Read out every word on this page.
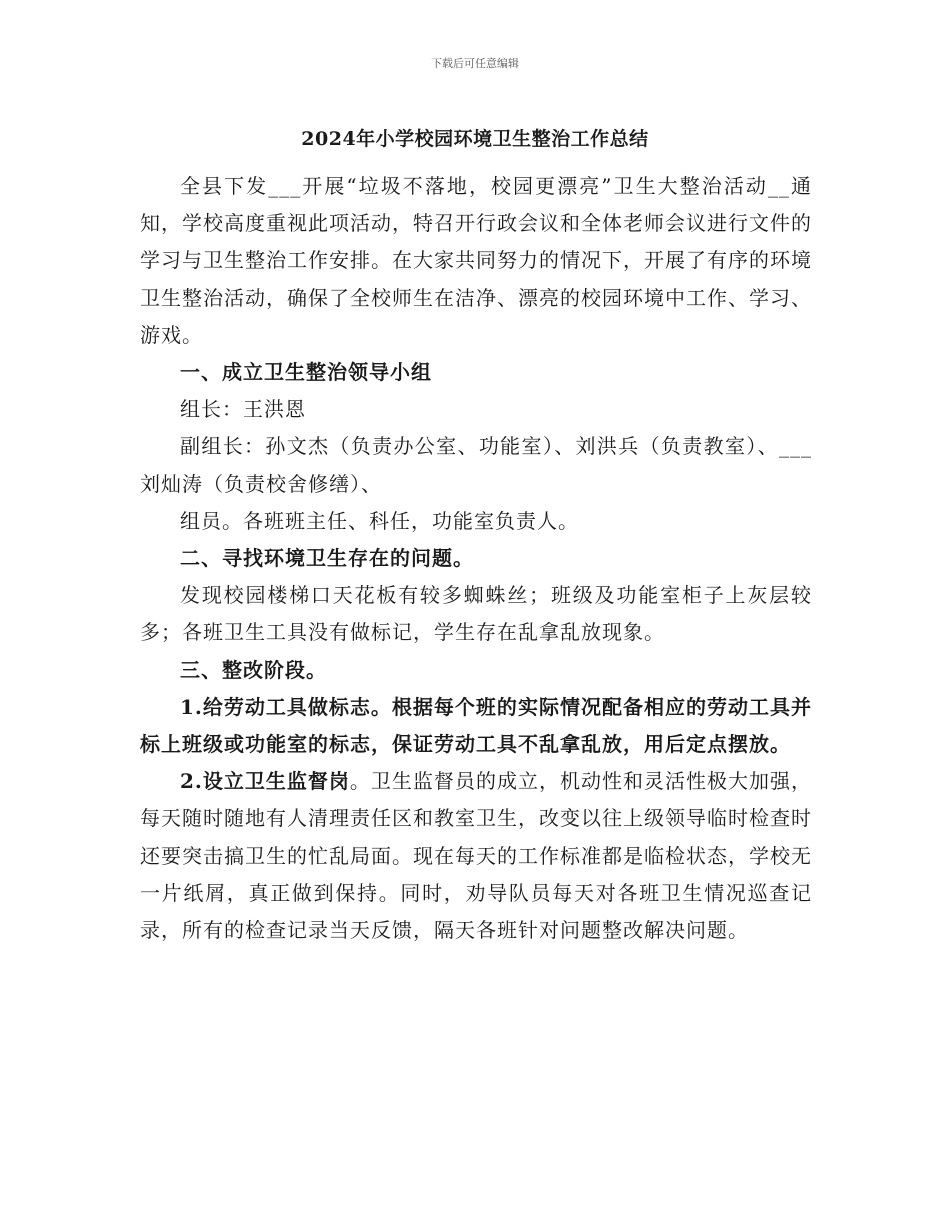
下载后可任意编辑
2024年小学校园环境卫生整治工作总结

全县下发___开展“垃圾不落地，校园更漂亮”卫生大整治活动__通知，学校高度重视此项活动，特召开行政会议和全体老师会议进行文件的学习与卫生整治工作安排。在大家共同努力的情况下，开展了有序的环境卫生整治活动，确保了全校师生在洁净、漂亮的校园环境中工作、学习、游戏。

一、成立卫生整治领导小组

组长：王洪恩

副组长：孙文杰（负责办公室、功能室）、刘洪兵（负责教室）、___刘灿涛（负责校舍修缮）、

组员。各班班主任、科任，功能室负责人。

二、寻找环境卫生存在的问题。

发现校园楼梯口天花板有较多蜘蛛丝；班级及功能室柜子上灰层较多；各班卫生工具没有做标记，学生存在乱拿乱放现象。

三、整改阶段。

1.给劳动工具做标志。根据每个班的实际情况配备相应的劳动工具并标上班级或功能室的标志，保证劳动工具不乱拿乱放，用后定点摆放。

2.设立卫生监督岗。卫生监督员的成立，机动性和灵活性极大加强，每天随时随地有人清理责任区和教室卫生，改变以往上级领导临时检查时还要突击搞卫生的忙乱局面。现在每天的工作标准都是临检状态，学校无一片纸屑，真正做到保持。同时，劝导队员每天对各班卫生情况巡查记录，所有的检查记录当天反馈，隔天各班针对问题整改解决问题。
